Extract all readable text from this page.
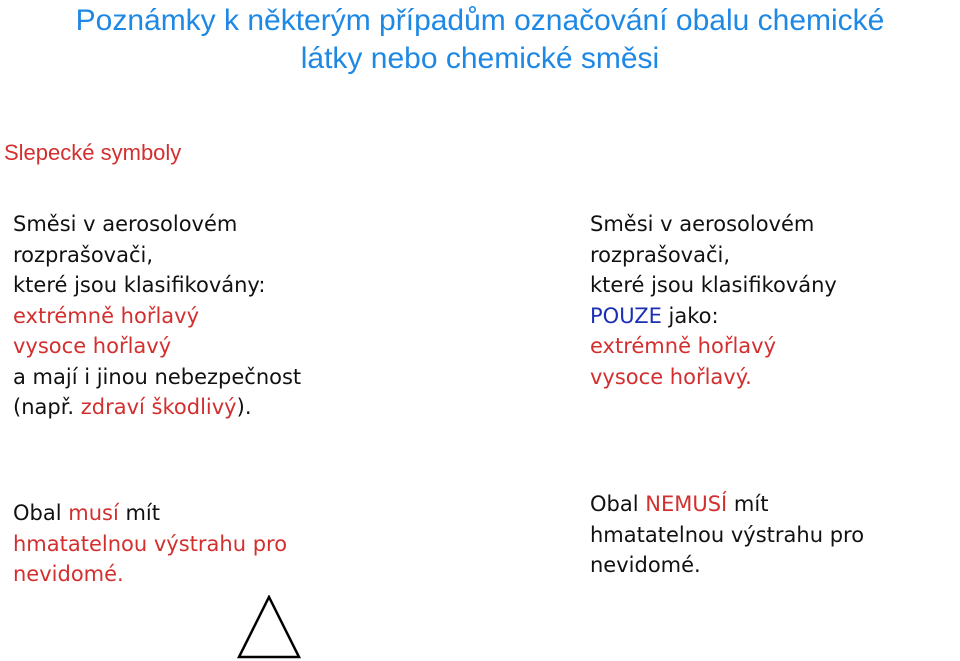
Poznámky k některým případům označování obalu chemické
látky nebo chemické směsi
Slepecké symboly
Směsi v aerosolovém
rozprašovači,
které jsou klasifikovány:
extrémně hořlavý
vysoce hořlavý
a mají i jinou nebezpečnost
(např. zdraví škodlivý).
Směsi v aerosolovém
rozprašovači,
které jsou klasifikovány
POUZE jako:
extrémně hořlavý
vysoce hořlavý.
Obal musí mít
hmatatelnou výstrahu pro
nevidomé.
Obal NEMUSÍ mít
hmatatelnou výstrahu pro
nevidomé.
